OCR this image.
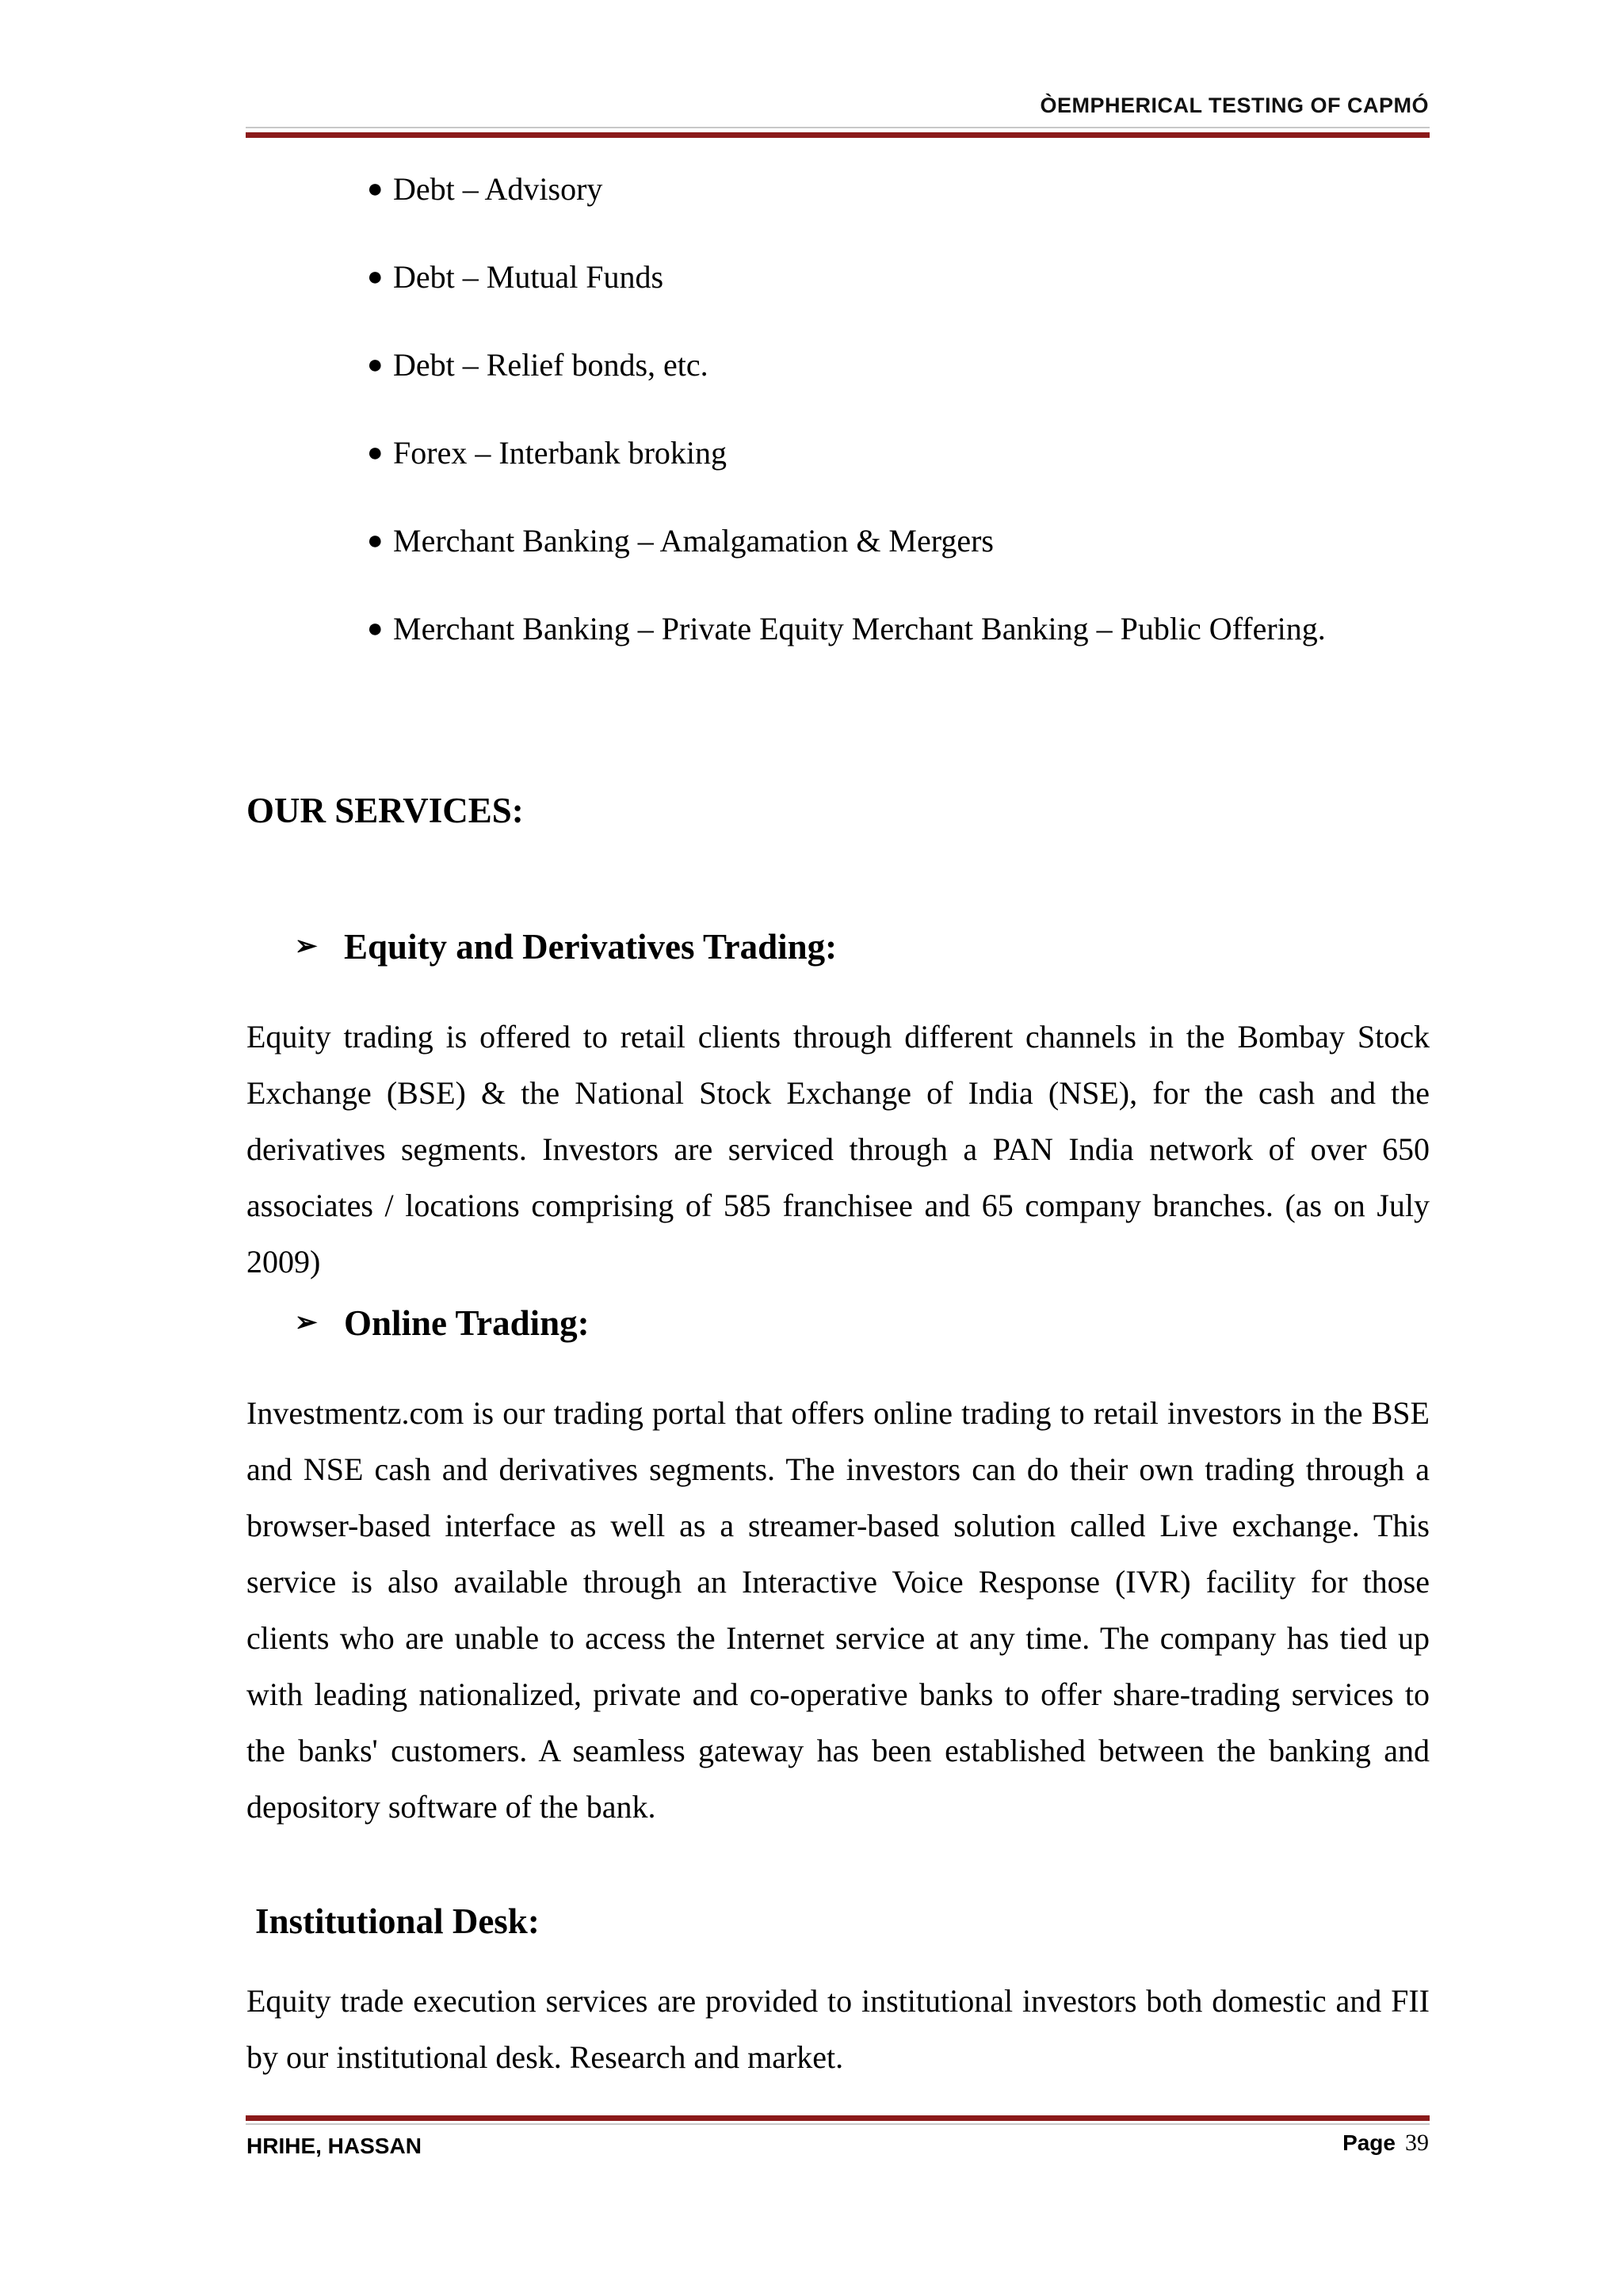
ÒEMPHERICAL TESTING OF CAPMÓ
● Debt – Advisory
● Debt – Mutual Funds
● Debt – Relief bonds, etc.
● Forex – Interbank broking
● Merchant Banking – Amalgamation & Mergers
● Merchant Banking – Private Equity Merchant Banking – Public Offering.
OUR SERVICES:
➢ Equity and Derivatives Trading:

Equity trading is offered to retail clients through different channels in the Bombay Stock Exchange (BSE) & the National Stock Exchange of India (NSE), for the cash and the derivatives segments. Investors are serviced through a PAN India network of over 650 associates / locations comprising of 585 franchisee and 65 company branches. (as on July 2009)

➢ Online Trading:

Investmentz.com is our trading portal that offers online trading to retail investors in the BSE and NSE cash and derivatives segments. The investors can do their own trading through a browser-based interface as well as a streamer-based solution called Live exchange. This service is also available through an Interactive Voice Response (IVR) facility for those clients who are unable to access the Internet service at any time. The company has tied up with leading nationalized, private and co-operative banks to offer share-trading services to the banks' customers. A seamless gateway has been established between the banking and depository software of the bank.

Institutional Desk:

Equity trade execution services are provided to institutional investors both domestic and FII by our institutional desk. Research and market.

HRIHE, HASSAN	Page 39
